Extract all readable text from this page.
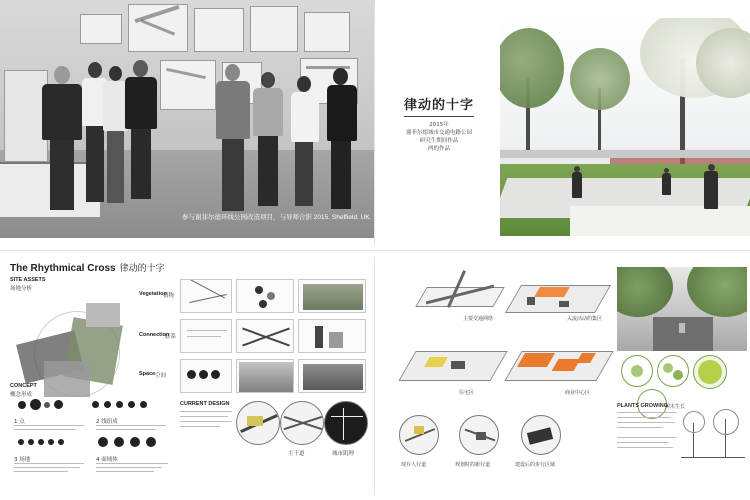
参与谢菲尔德环线公园改造项目，与导师合影 2015. Sheffield. UK.
律动的十字
2015年
谢菲尔德城市交通电路公园
研究生期间作品
两的作品
The Rhythmical Cross 律动的十字
SITE ASSETS
场地分析
Vegetation
植物
Connection
联系
Space 空间
CONCEPT
概念形成
1 点	2 线组成
3 场地	4 面域体
CURRENT DESIGN
主干道	城市肌理
主要交通网络	入流活动的集区
住宅区	商业中心区
PLANTS GROWING
树木生长
现存人行道	规划时的新行道	建设后的步行区域
